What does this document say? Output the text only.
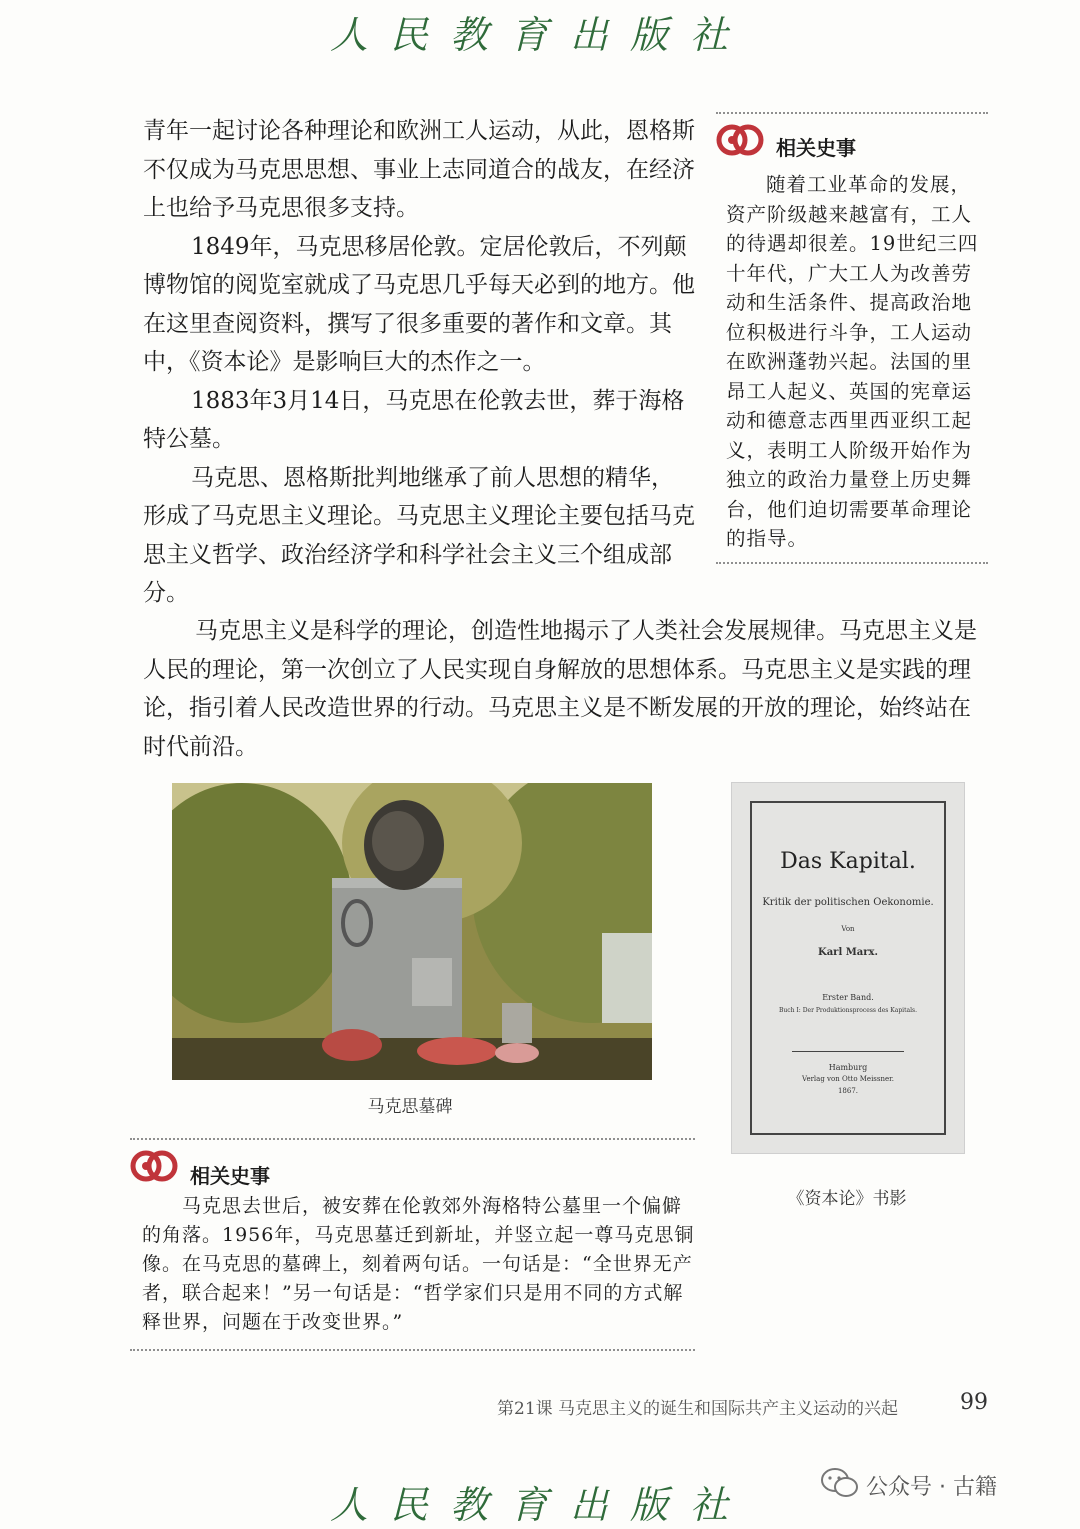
人民教育出版社

青年一起讨论各种理论和欧洲工人运动，从此，恩格斯不仅成为马克思思想、事业上志同道合的战友，在经济上也给予马克思很多支持。

1849年，马克思移居伦敦。定居伦敦后，不列颠博物馆的阅览室就成了马克思几乎每天必到的地方。他在这里查阅资料，撰写了很多重要的著作和文章。其中，《资本论》是影响巨大的杰作之一。

1883年3月14日，马克思在伦敦去世，葬于海格特公墓。

马克思、恩格斯批判地继承了前人思想的精华，形成了马克思主义理论。马克思主义理论主要包括马克思主义哲学、政治经济学和科学社会主义三个组成部分。

相关史事
随着工业革命的发展，资产阶级越来越富有，工人的待遇却很差。19世纪三四十年代，广大工人为改善劳动和生活条件、提高政治地位积极进行斗争，工人运动在欧洲蓬勃兴起。法国的里昂工人起义、英国的宪章运动和德意志西里西亚织工起义，表明工人阶级开始作为独立的政治力量登上历史舞台，他们迫切需要革命理论的指导。
马克思主义是科学的理论，创造性地揭示了人类社会发展规律。马克思主义是人民的理论，第一次创立了人民实现自身解放的思想体系。马克思主义是实践的理论，指引着人民改造世界的行动。马克思主义是不断发展的开放的理论，始终站在时代前沿。
马克思墓碑
Das Kapital.
Kritik der politischen Oekonomie.
Von
Karl Marx.
Erster Band.
Buch I: Der Produktionsprocess des Kapitals.
Hamburg
Verlag von Otto Meissner.
1867.
《资本论》书影
相关史事
马克思去世后，被安葬在伦敦郊外海格特公墓里一个偏僻的角落。1956年，马克思墓迁到新址，并竖立起一尊马克思铜像。在马克思的墓碑上，刻着两句话。一句话是：“全世界无产者，联合起来！”另一句话是：“哲学家们只是用不同的方式解释世界，问题在于改变世界。”
第21课 马克思主义的诞生和国际共产主义运动的兴起	99
人民教育出版社	公众号 · 古籍
